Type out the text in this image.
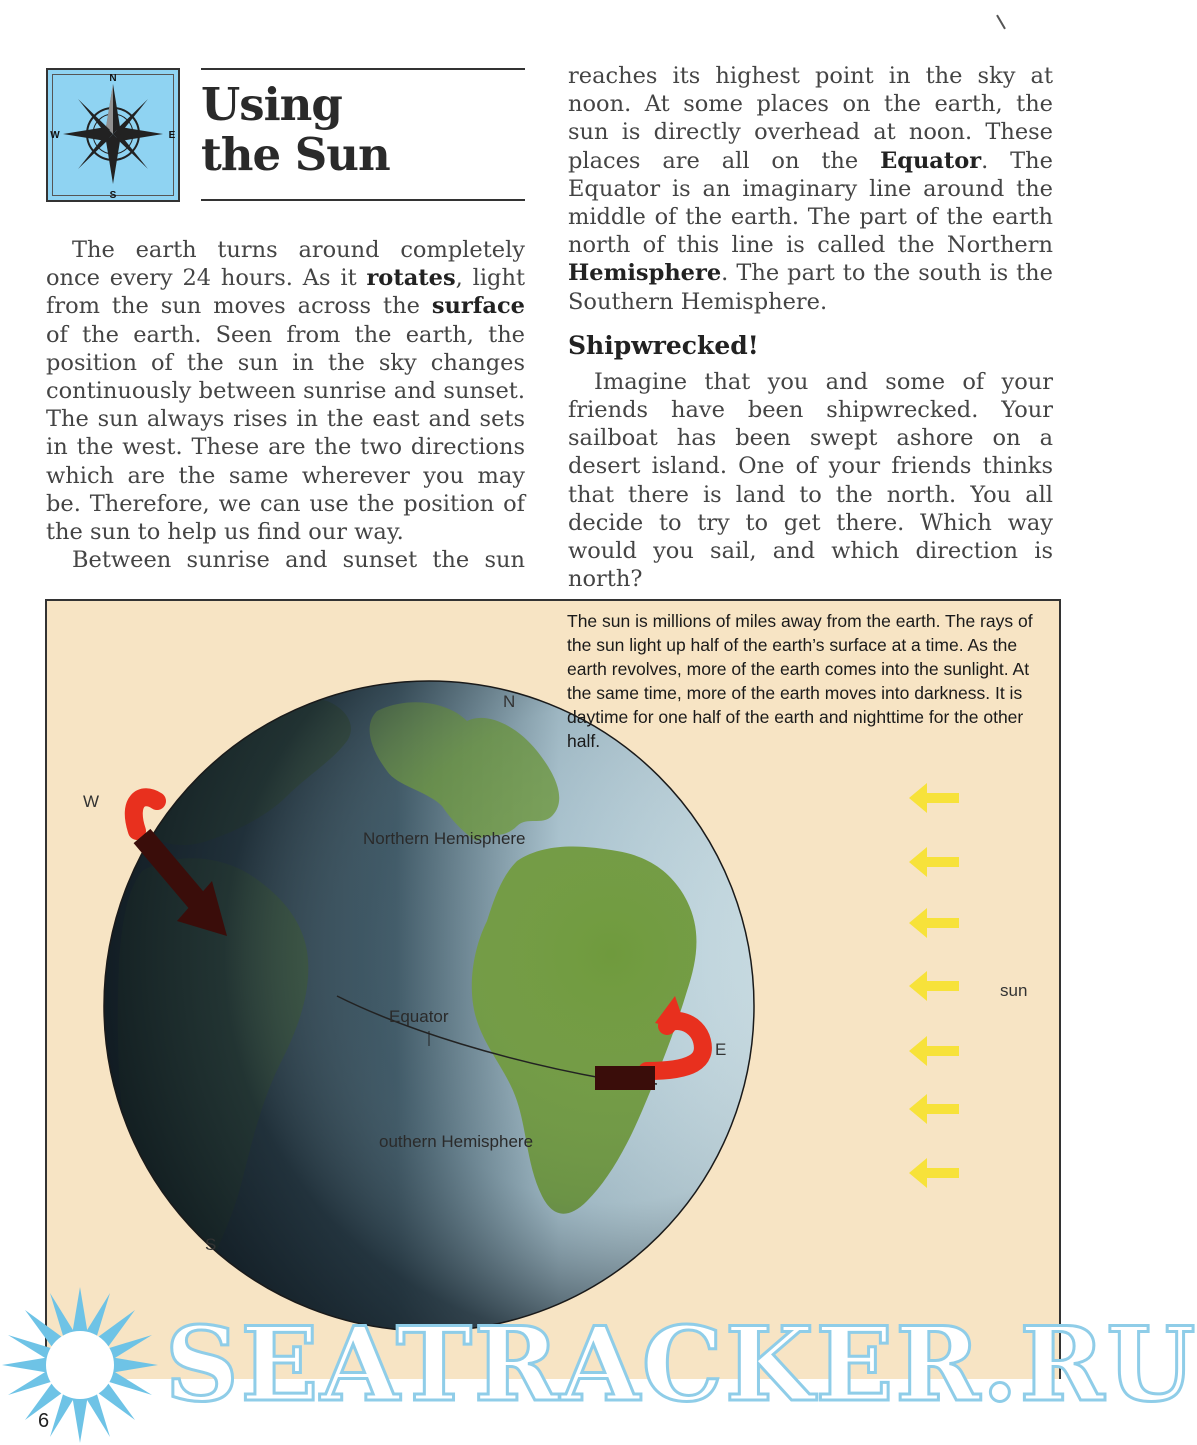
N
S
W	E
Using
the Sun

The earth turns around completely once every 24 hours. As it rotates, light from the sun moves across the surface of the earth. Seen from the earth, the position of the sun in the sky changes continuously between sunrise and sunset. The sun always rises in the east and sets in the west. These are the two directions which are the same wherever you may be. Therefore, we can use the position of the sun to help us find our way.

Between sunrise and sunset the sun

reaches its highest point in the sky at noon. At some places on the earth, the sun is directly overhead at noon. These places are all on the Equator. The Equator is an imaginary line around the middle of the earth. The part of the earth north of this line is called the Northern Hemisphere. The part to the south is the Southern Hemisphere.

Shipwrecked!

Imagine that you and some of your friends have been shipwrecked. Your sailboat has been swept ashore on a desert island. One of your friends thinks that there is land to the north. You all decide to try to get there. Which way would you sail, and which direction is north?

The sun is millions of miles away from the earth. The rays of the sun light up half of the earth’s surface at a time. As the earth revolves, more of the earth comes into the sunlight. At the same time, more of the earth moves into darkness. It is daytime for one half of the earth and nighttime for the other half.
N
W
E
S
Northern Hemisphere
Equator
outhern Hemisphere
sun
SEATRACKER.RU
6
